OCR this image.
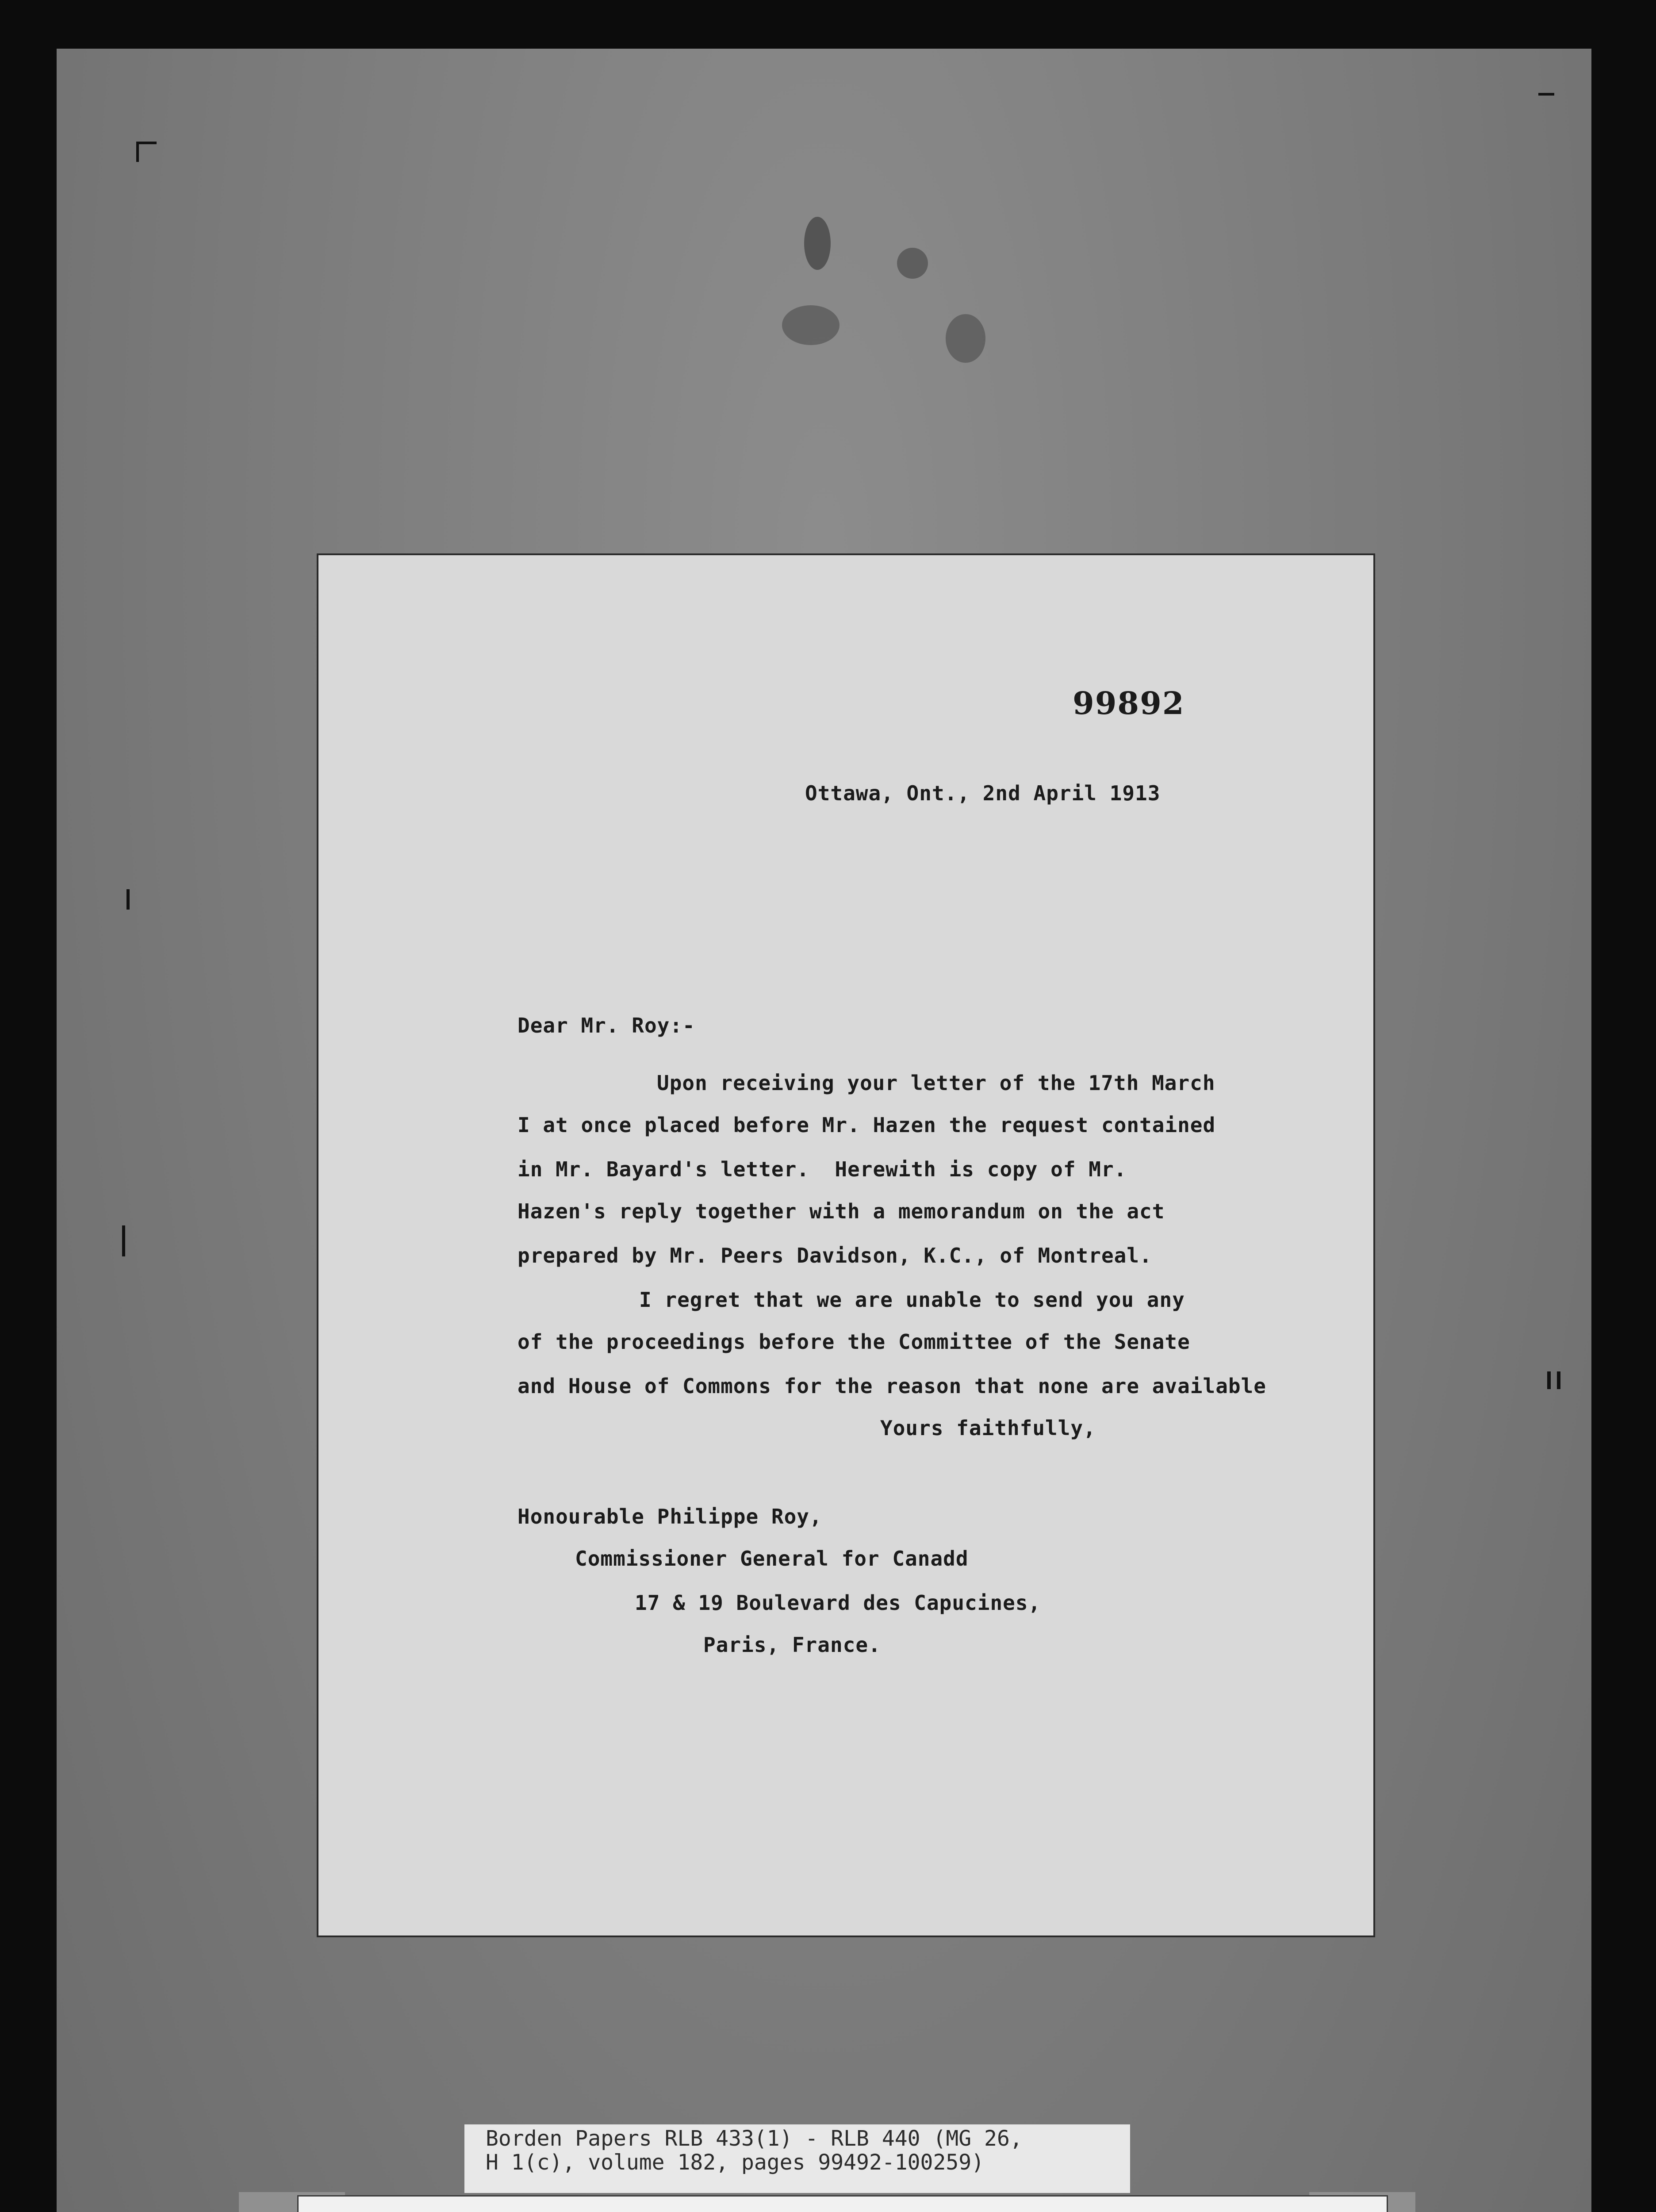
99892
Ottawa, Ont., 2nd April 1913
Dear Mr. Roy:-
Upon receiving your letter of the 17th March
I at once placed before Mr. Hazen the request contained
in Mr. Bayard's letter.  Herewith is copy of Mr.
Hazen's reply together with a memorandum on the act
prepared by Mr. Peers Davidson, K.C., of Montreal.
I regret that we are unable to send you any
of the proceedings before the Committee of the Senate
and House of Commons for the reason that none are available
Yours faithfully,
Honourable Philippe Roy,
Commissioner General for Canadd
17 & 19 Boulevard des Capucines,
Paris, France.
Borden Papers RLB 433(1) - RLB 440 (MG 26,
H 1(c), volume 182, pages 99492-100259)
